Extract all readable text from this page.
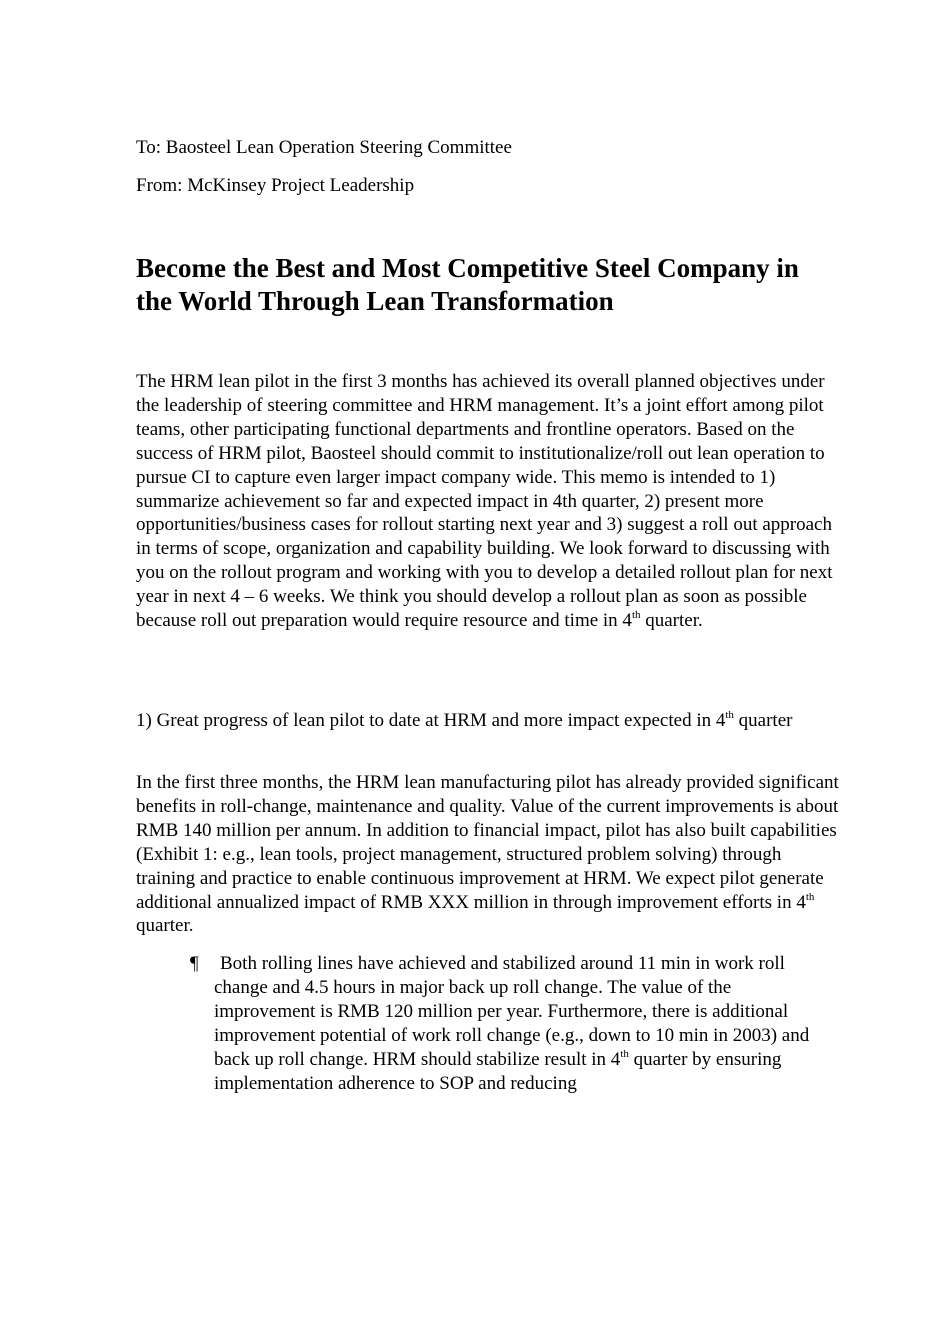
To: Baosteel Lean Operation Steering Committee

From: McKinsey Project Leadership

Become the Best and Most Competitive Steel Company in the World Through Lean Transformation

The HRM lean pilot in the first 3 months has achieved its overall planned objectives under the leadership of steering committee and HRM management. It’s a joint effort among pilot teams, other participating functional departments and frontline operators. Based on the success of HRM pilot, Baosteel should commit to institutionalize/roll out lean operation to pursue CI to capture even larger impact company wide. This memo is intended to 1) summarize achievement so far and expected impact in 4th quarter, 2) present more opportunities/business cases for rollout starting next year and 3) suggest a roll out approach in terms of scope, organization and capability building. We look forward to discussing with you on the rollout program and working with you to develop a detailed rollout plan for next year in next 4 – 6 weeks. We think you should develop a rollout plan as soon as possible because roll out preparation would require resource and time in 4th quarter.

1) Great progress of lean pilot to date at HRM and more impact expected in 4th quarter

In the first three months, the HRM lean manufacturing pilot has already provided significant benefits in roll-change, maintenance and quality. Value of the current improvements is about RMB 140 million per annum. In addition to financial impact, pilot has also built capabilities (Exhibit 1: e.g., lean tools, project management, structured problem solving) through training and practice to enable continuous improvement at HRM. We expect pilot generate additional annualized impact of RMB XXX million in through improvement efforts in 4th quarter.

¶	Both rolling lines have achieved and stabilized around 11 min in work roll change and 4.5 hours in major back up roll change. The value of the improvement is RMB 120 million per year. Furthermore, there is additional improvement potential of work roll change (e.g., down to 10 min in 2003) and back up roll change. HRM should stabilize result in 4th quarter by ensuring implementation adherence to SOP and reducing
